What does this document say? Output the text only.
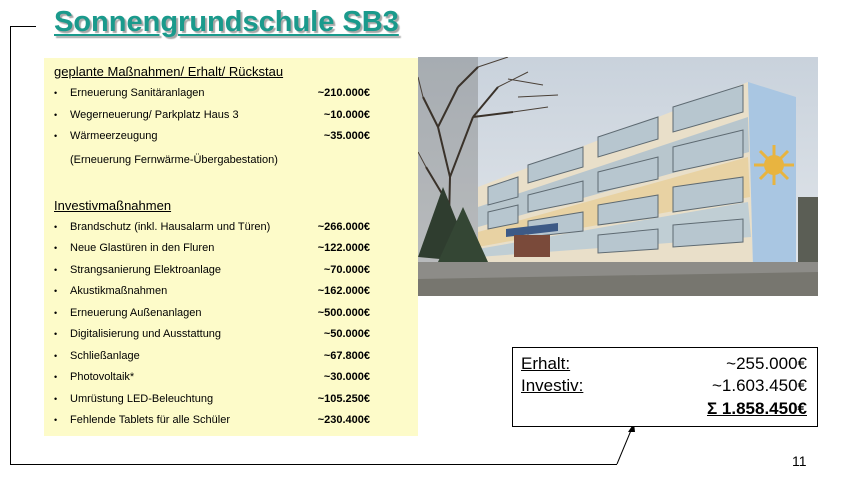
Sonnengrundschule SB3
geplante Maßnahmen/ Erhalt/ Rückstau
• Erneuerung Sanitäranlagen	~210.000€
• Wegerneuerung/ Parkplatz Haus 3	~10.000€
• Wärmeerzeugung	~35.000€
(Erneuerung Fernwärme-Übergabestation)
Investivmaßnahmen
• Brandschutz (inkl. Hausalarm und Türen)	~266.000€
• Neue Glastüren in den Fluren	~122.000€
• Strangsanierung Elektroanlage	~70.000€
• Akustikmaßnahmen	~162.000€
• Erneuerung Außenanlagen	~500.000€
• Digitalisierung und Ausstattung	~50.000€
• Schließanlage	~67.800€
• Photovoltaik*	~30.000€
• Umrüstung LED-Beleuchtung	~105.250€
• Fehlende Tablets für alle Schüler	~230.400€
Erhalt:	~255.000€
Investiv:	~1.603.450€
Σ 1.858.450€
11
